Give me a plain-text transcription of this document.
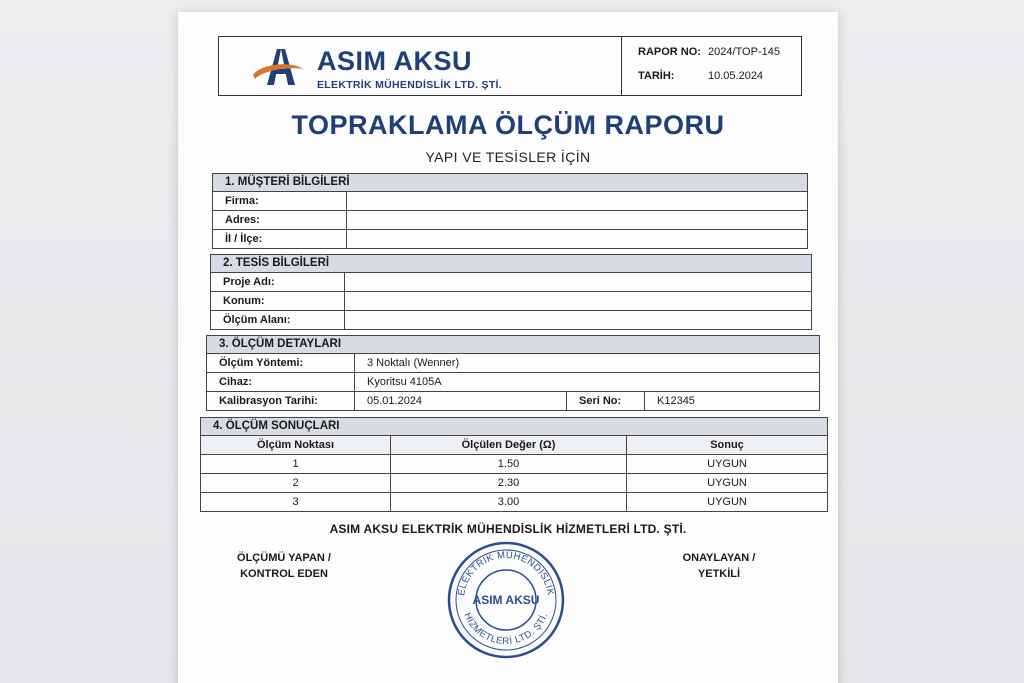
ASIM AKSU
ELEKTRİK MÜHENDİSLİK LTD. ŞTİ.
RAPOR NO: 2024/TOP-145
TARİH:	10.05.2024
TOPRAKLAMA ÖLÇÜM RAPORU
YAPI VE TESİSLER İÇİN
1. MÜŞTERİ BİLGİLERİ
Firma:
Adres:
İl / İlçe:
2. TESİS BİLGİLERİ
Proje Adı:
Konum:
Ölçüm Alanı:
3. ÖLÇÜM DETAYLARI
Ölçüm Yöntemi:	3 Noktalı (Wenner)
Cihaz:	Kyoritsu 4105A
Kalibrasyon Tarihi:	05.01.2024	Seri No:	K12345
4. ÖLÇÜM SONUÇLARI
Ölçüm Noktası	Ölçülen Değer (Ω)	Sonuç
1	1.50	UYGUN
2	2.30	UYGUN
3	3.00	UYGUN
ASIM AKSU ELEKTRİK MÜHENDİSLİK HİZMETLERİ LTD. ŞTİ.
ÖLÇÜMÜ YAPAN /
KONTROL EDEN
ONAYLAYAN /
YETKİLİ
ELEKTRİK MÜHENDİSLİK
HİZMETLERİ LTD. ŞTİ.
ASIM AKSU
